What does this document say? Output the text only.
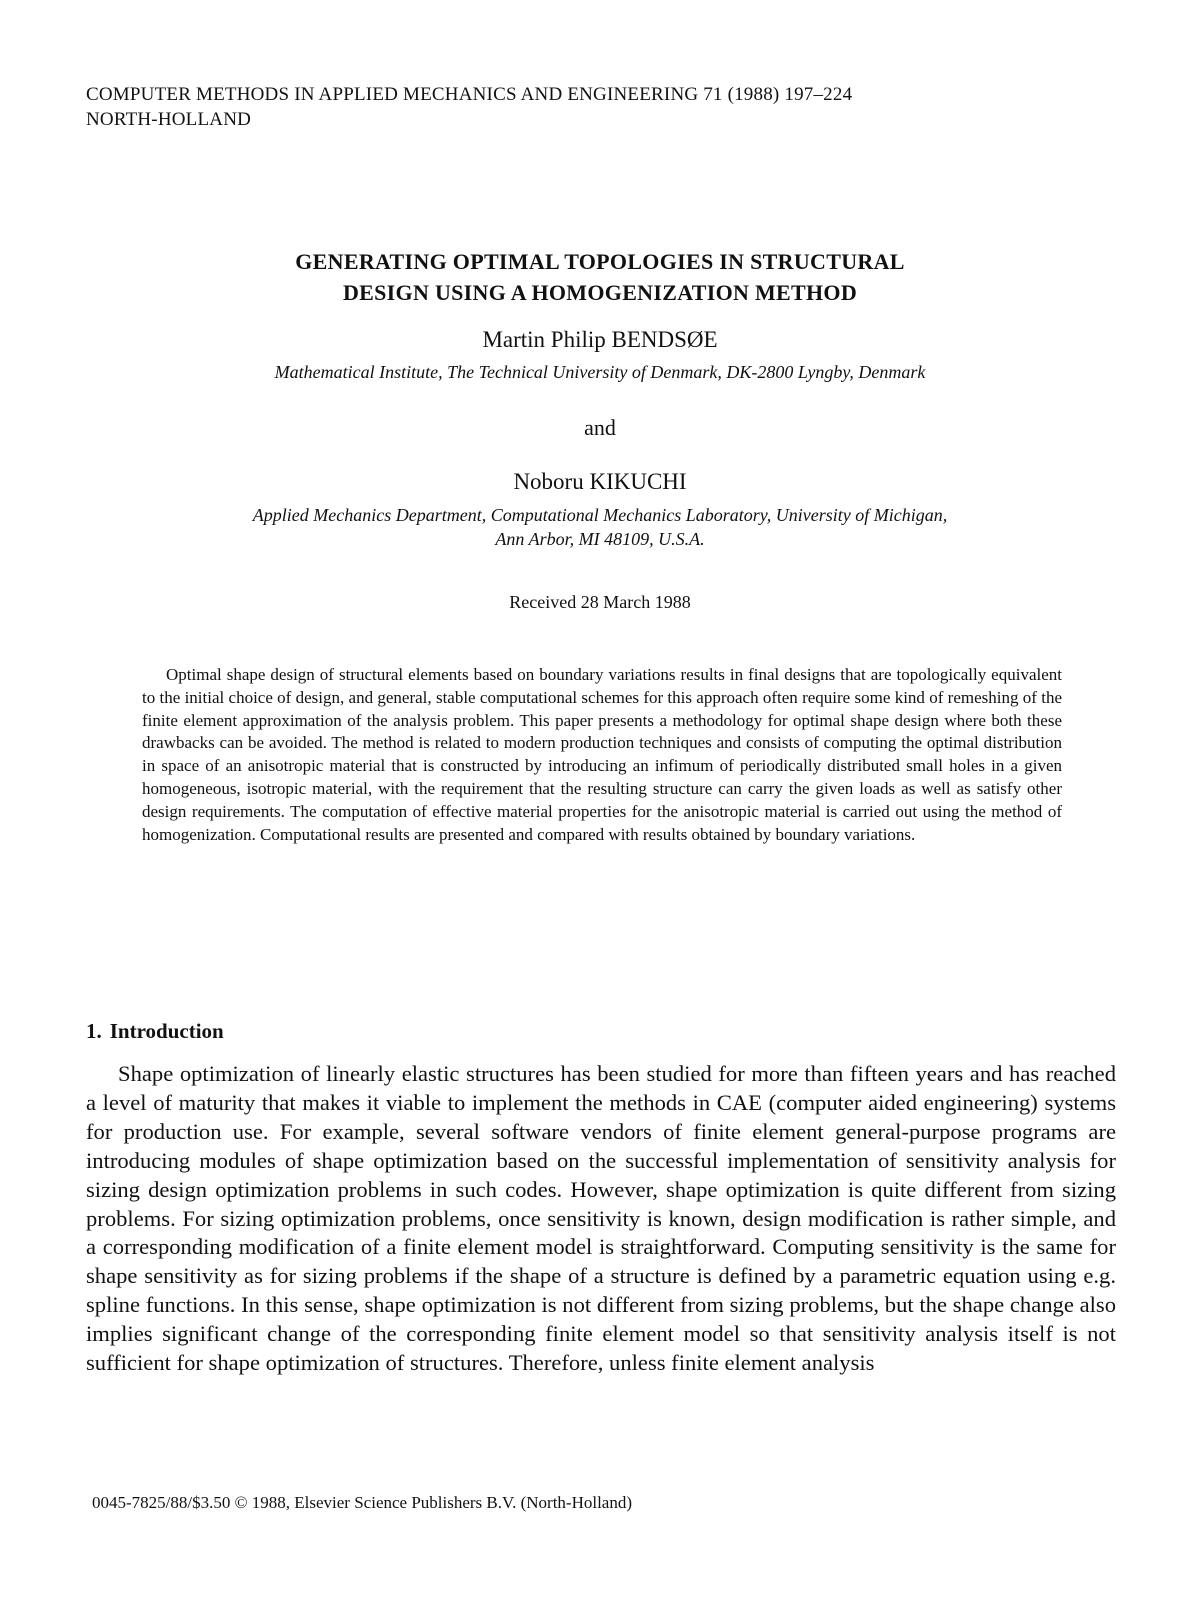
COMPUTER METHODS IN APPLIED MECHANICS AND ENGINEERING 71 (1988) 197–224
NORTH-HOLLAND
GENERATING OPTIMAL TOPOLOGIES IN STRUCTURAL
DESIGN USING A HOMOGENIZATION METHOD
Martin Philip BENDSØE
Mathematical Institute, The Technical University of Denmark, DK-2800 Lyngby, Denmark
and
Noboru KIKUCHI
Applied Mechanics Department, Computational Mechanics Laboratory, University of Michigan,
Ann Arbor, MI 48109, U.S.A.
Received 28 March 1988

Optimal shape design of structural elements based on boundary variations results in final designs that are topologically equivalent to the initial choice of design, and general, stable computational schemes for this approach often require some kind of remeshing of the finite element approximation of the analysis problem. This paper presents a methodology for optimal shape design where both these drawbacks can be avoided. The method is related to modern production techniques and consists of computing the optimal distribution in space of an anisotropic material that is constructed by introducing an infimum of periodically distributed small holes in a given homogeneous, isotropic material, with the requirement that the resulting structure can carry the given loads as well as satisfy other design requirements. The computation of effective material properties for the anisotropic material is carried out using the method of homogenization. Computational results are presented and compared with results obtained by boundary variations.

1. Introduction

Shape optimization of linearly elastic structures has been studied for more than fifteen years and has reached a level of maturity that makes it viable to implement the methods in CAE (computer aided engineering) systems for production use. For example, several software vendors of finite element general-purpose programs are introducing modules of shape optimization based on the successful implementation of sensitivity analysis for sizing design optimization problems in such codes. However, shape optimization is quite different from sizing problems. For sizing optimization problems, once sensitivity is known, design modification is rather simple, and a corresponding modification of a finite element model is straightforward. Computing sensitivity is the same for shape sensitivity as for sizing problems if the shape of a structure is defined by a parametric equation using e.g. spline functions. In this sense, shape optimization is not different from sizing problems, but the shape change also implies significant change of the corresponding finite element model so that sensitivity analysis itself is not sufficient for shape optimization of structures. Therefore, unless finite element analysis

0045-7825/88/$3.50 © 1988, Elsevier Science Publishers B.V. (North-Holland)
